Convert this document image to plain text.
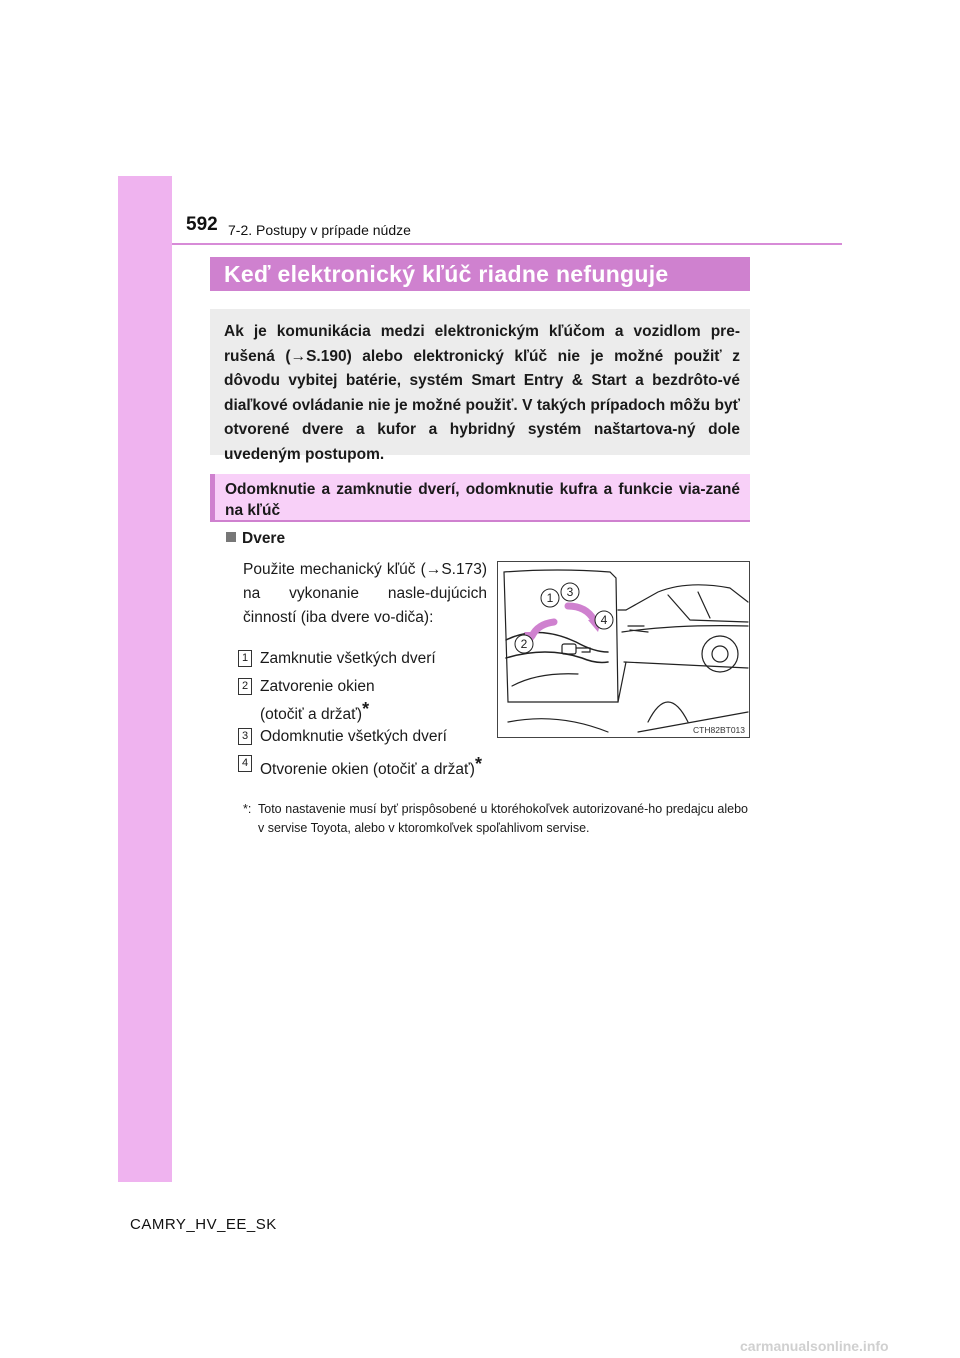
592 7-2. Postupy v prípade núdze
Keď elektronický kľúč riadne nefunguje
Ak je komunikácia medzi elektronickým kľúčom a vozidlom pre-rušená (→S.190) alebo elektronický kľúč nie je možné použiť z dôvodu vybitej batérie, systém Smart Entry & Start a bezdrôto-vé diaľkové ovládanie nie je možné použiť. V takých prípadoch môžu byť otvorené dvere a kufor a hybridný systém naštartova-ný dole uvedeným postupom.
Odomknutie a zamknutie dverí, odomknutie kufra a funkcie via-zané na kľúč
Dvere
Použite mechanický kľúč (→S.173) na vykonanie nasle-dujúcich činností (iba dvere vo-diča):
1 Zamknutie všetkých dverí
2 Zatvorenie okien
(otočiť a držať)*
3 Odomknutie všetkých dverí
4 Otvorenie okien (otočiť a držať)*
*: Toto nastavenie musí byť prispôsobené u ktoréhokoľvek autorizované-ho predajcu alebo v servise Toyota, alebo v ktoromkoľvek spoľahlivom servise.
1
2
3
4
CTH82BT013
CAMRY_HV_EE_SK
carmanualsonline.info
